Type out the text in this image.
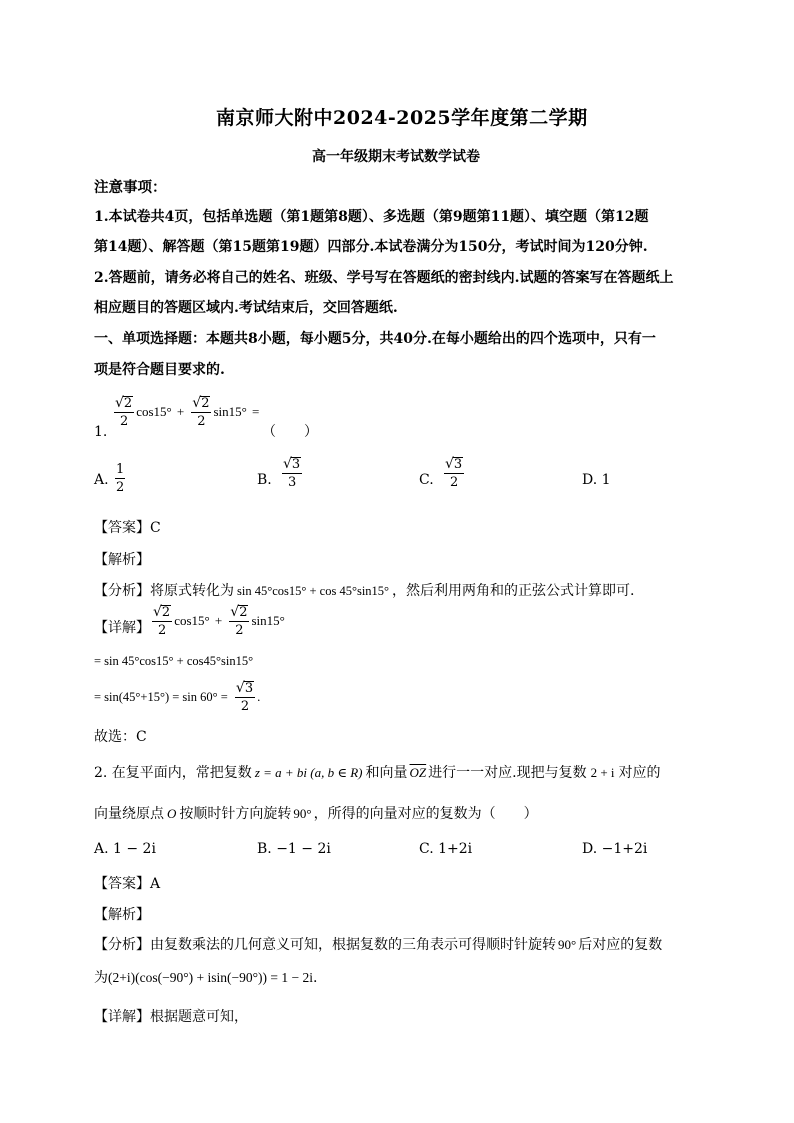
南京师大附中2024-2025学年度第二学期
高一年级期末考试数学试卷
注意事项：
1.本试卷共4页，包括单选题（第1题第8题）、多选题（第9题第11题）、填空题（第12题
第14题）、解答题（第15题第19题）四部分.本试卷满分为150分，考试时间为120分钟.
2.答题前，请务必将自己的姓名、班级、学号写在答题纸的密封线内.试题的答案写在答题纸上
相应题目的答题区域内.考试结束后，交回答题纸.
一、单项选择题：本题共8小题，每小题5分，共40分.在每小题给出的四个选项中，只有一
项是符合题目要求的.
1.
$\frac{√ 2}{2} \cos 15^\circ + \frac{√ 2}{2} \sin 15^\circ$ =
（　　）
A. $\frac{1}{2}$	B. $\frac{√ 3}{3}$	C. $\frac{√ 3}{2}$	D. 1
【答案】C
【解析】
【分析】将原式转化为 sin 45°cos15° + cos 45°sin15° ，然后利用两角和的正弦公式计算即可.
【详解】 $\frac{√ 2}{2} \cos 15^\circ + \frac{√ 2}{2} \sin 15^\circ$
= sin 45°cos15° + cos45°sin15°
= $\sin(45^\circ+15^\circ) = \sin 60^\circ = \frac{√ 3}{2}$ .
故选：C
2. 在复平面内，常把复数 z = a + bi (a, b ∈ R) 和向量 $\overline{OZ}$ 进行一一对应.现把与复数 2 + i 对应的
向量绕原点 O 按顺时针方向旋转 90° ，所得的向量对应的复数为（　　）
A. 1 − 2i	B. −1 − 2i	C. 1+2i	D. −1+2i
【答案】A
【解析】
【分析】由复数乘法的几何意义可知，根据复数的三角表示可得顺时针旋转 90° 后对应的复数
为(2+i)(cos(−90°) + isin(−90°)) = 1 − 2i.
【详解】根据题意可知，
